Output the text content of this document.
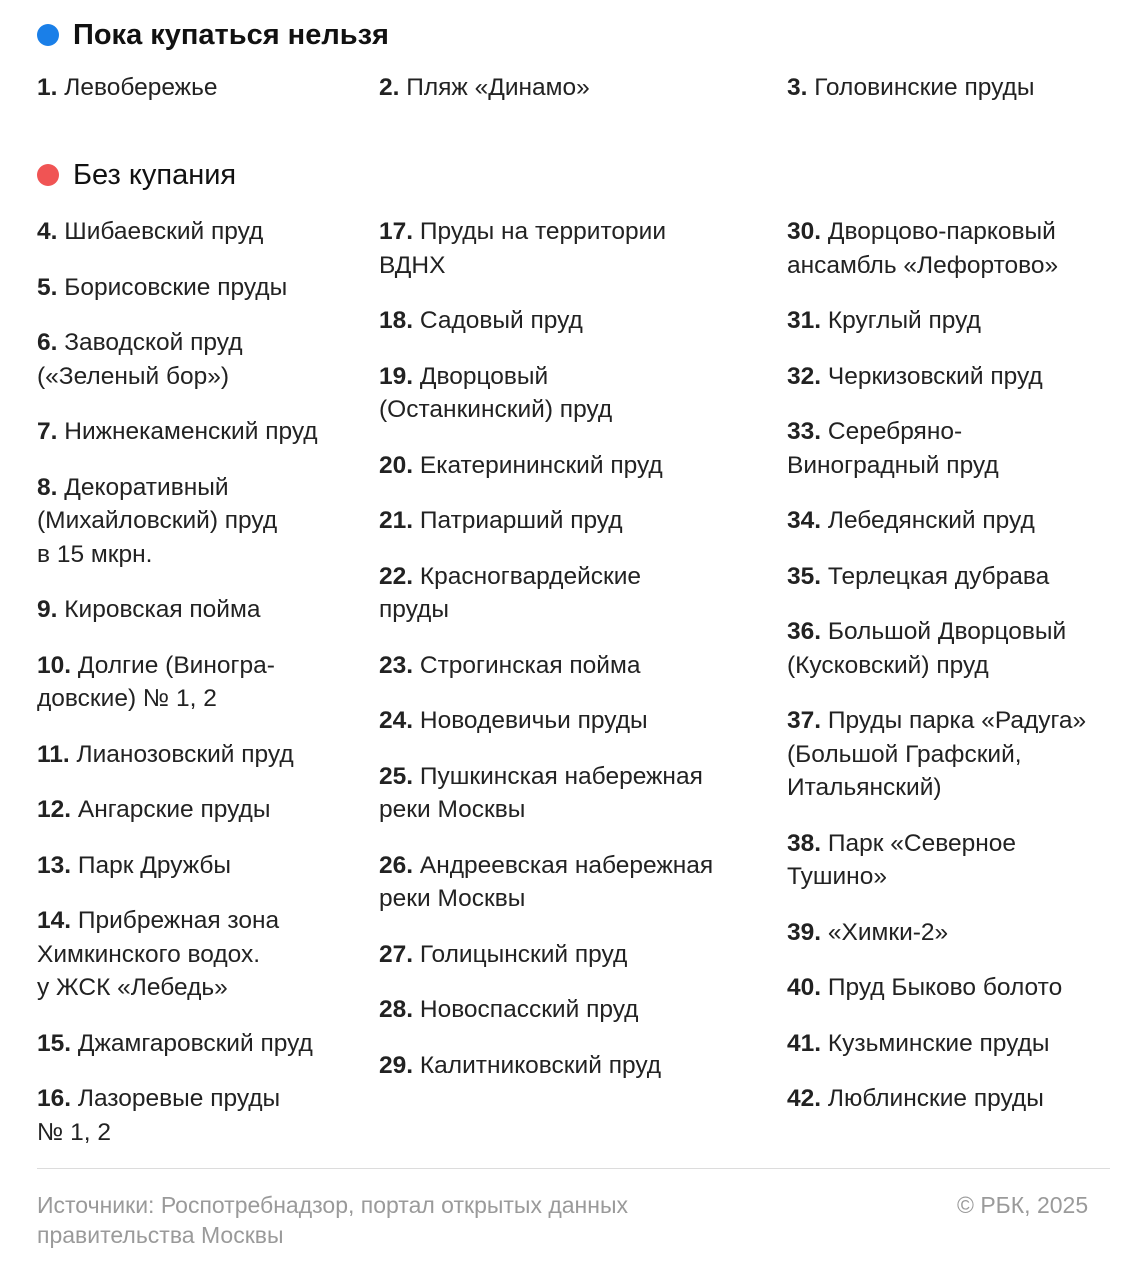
Пока купаться нельзя
1. Левобережье	2. Пляж «Динамо»	3. Головинские пруды
Без купания
4. Шибаевский пруд
5. Борисовские пруды
6. Заводской пруд
(«Зеленый бор»)
7. Нижнекаменский пруд
8. Декоративный
(Михайловский) пруд
в 15 мкрн.
9. Кировская пойма
10. Долгие (Виногра-
довские) № 1, 2
11. Лианозовский пруд
12. Ангарские пруды
13. Парк Дружбы
14. Прибрежная зона
Химкинского водох.
у ЖСК «Лебедь»
15. Джамгаровский пруд
16. Лазоревые пруды
№ 1, 2
17. Пруды на территории
ВДНХ
18. Садовый пруд
19. Дворцовый
(Останкинский) пруд
20. Екатерининский пруд
21. Патриарший пруд
22. Красногвардейские
пруды
23. Строгинская пойма
24. Новодевичьи пруды
25. Пушкинская набережная
реки Москвы
26. Андреевская набережная
реки Москвы
27. Голицынский пруд
28. Новоспасский пруд
29. Калитниковский пруд
30. Дворцово-парковый
ансамбль «Лефортово»
31. Круглый пруд
32. Черкизовский пруд
33. Серебряно-
Виноградный пруд
34. Лебедянский пруд
35. Терлецкая дубрава
36. Большой Дворцовый
(Кусковский) пруд
37. Пруды парка «Радуга»
(Большой Графский,
Итальянский)
38. Парк «Северное
Тушино»
39. «Химки-2»
40. Пруд Быково болото
41. Кузьминские пруды
42. Люблинские пруды
Источники: Роспотребнадзор, портал открытых данных
правительства Москвы
© РБК, 2025
